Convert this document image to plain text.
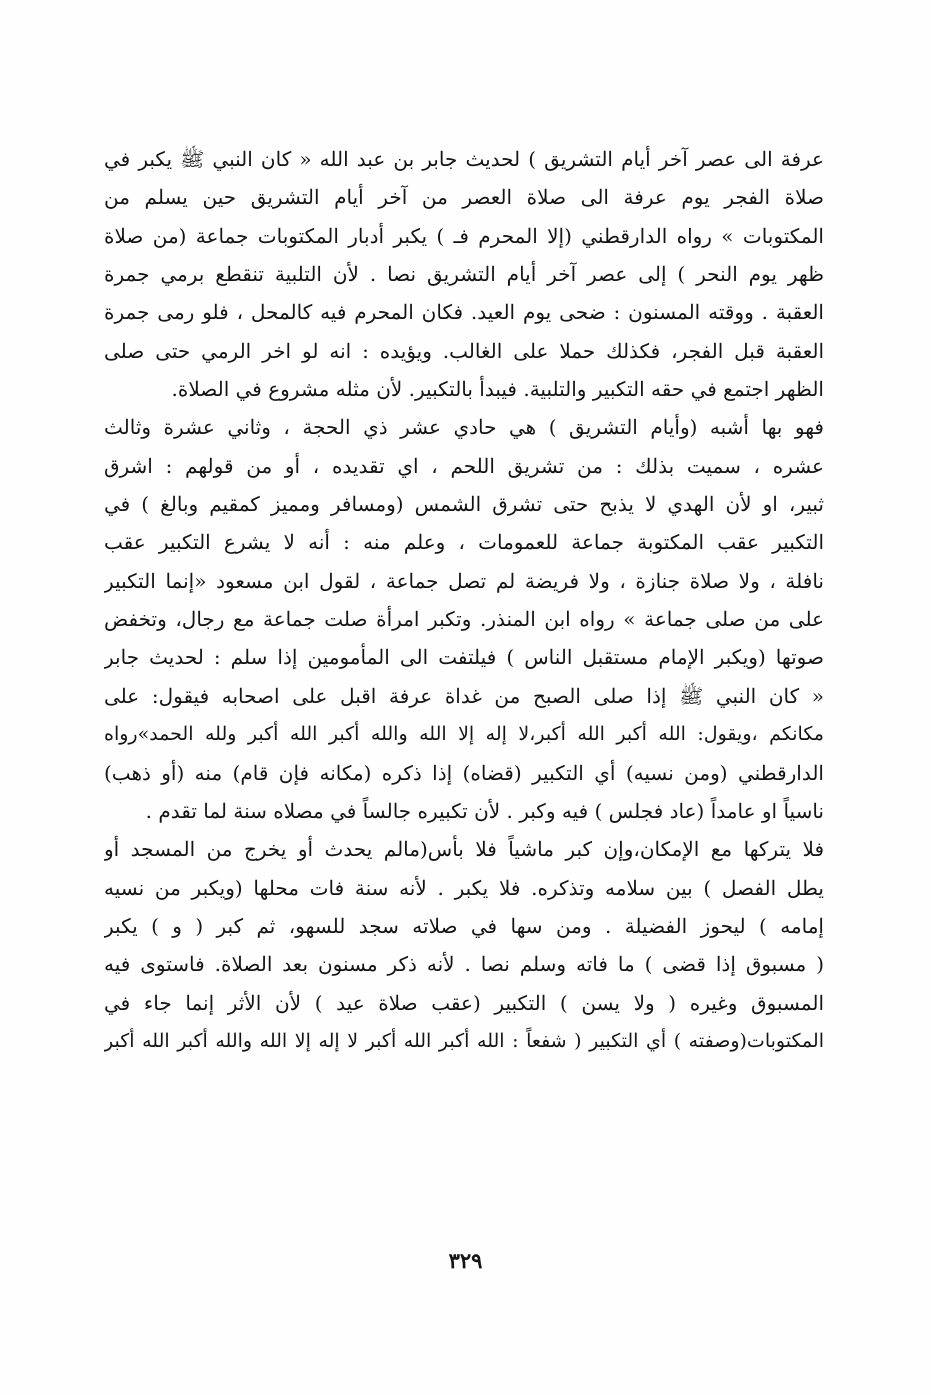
عرفة الى عصر آخر أيام التشريق ) لحديث جابر بن عبد الله « كان النبي ﷺ يكبر في
صلاة الفجر يوم عرفة الى صلاة العصر من آخر أيام التشريق حين يسلم من
المكتوبات » رواه الدارقطني (إلا المحرم فـ ) يكبر أدبار المكتوبات جماعة (من صلاة
ظهر يوم النحر ) إلى عصر آخر أيام التشريق نصا . لأن التلبية تنقطع برمي جمرة
العقبة . ووقته المسنون : ضحى يوم العيد. فكان المحرم فيه كالمحل ، فلو رمى جمرة
العقبة قبل الفجر، فكذلك حملا على الغالب. ويؤيده : انه لو اخر الرمي حتى صلى
الظهر اجتمع في حقه التكبير والتلبية. فيبدأ بالتكبير. لأن مثله مشروع في الصلاة.
فهو بها أشبه (وأيام التشريق ) هي حادي عشر ذي الحجة ، وثاني عشرة وثالث
عشره ، سميت بذلك : من تشريق اللحم ، اي تقديده ، أو من قولهم : اشرق
ثبير، او لأن الهدي لا يذبح حتى تشرق الشمس (ومسافر ومميز كمقيم وبالغ ) في
التكبير عقب المكتوبة جماعة للعمومات ، وعلم منه : أنه لا يشرع التكبير عقب
نافلة ، ولا صلاة جنازة ، ولا فريضة لم تصل جماعة ، لقول ابن مسعود «إنما التكبير
على من صلى جماعة » رواه ابن المنذر. وتكبر امرأة صلت جماعة مع رجال، وتخفض
صوتها (ويكبر الإمام مستقبل الناس ) فيلتفت الى المأمومين إذا سلم : لحديث جابر
« كان النبي ﷺ إذا صلى الصبح من غداة عرفة اقبل على اصحابه فيقول: على
مكانكم ،ويقول: الله أكبر الله أكبر،لا إله إلا الله والله أكبر الله أكبر ولله الحمد»رواه
الدارقطني (ومن نسيه) أي التكبير (قضاه) إذا ذكره (مكانه فإن قام) منه (أو ذهب)
ناسياً او عامداً (عاد فجلس ) فيه وكبر . لأن تكبيره جالساً في مصلاه سنة لما تقدم .
فلا يتركها مع الإمكان،وإن كبر ماشياً فلا بأس(مالم يحدث أو يخرج من المسجد أو
يطل الفصل ) بين سلامه وتذكره. فلا يكبر . لأنه سنة فات محلها (ويكبر من نسيه
إمامه ) ليحوز الفضيلة . ومن سها في صلاته سجد للسهو، ثم كبر ( و ) يكبر
( مسبوق إذا قضى ) ما فاته وسلم نصا . لأنه ذكر مسنون بعد الصلاة. فاستوى فيه
المسبوق وغيره ( ولا يسن ) التكبير (عقب صلاة عيد ) لأن الأثر إنما جاء في
المكتوبات(وصفته ) أي التكبير ( شفعاً : الله أكبر الله أكبر لا إله إلا الله والله أكبر الله أكبر
٣٢٩
